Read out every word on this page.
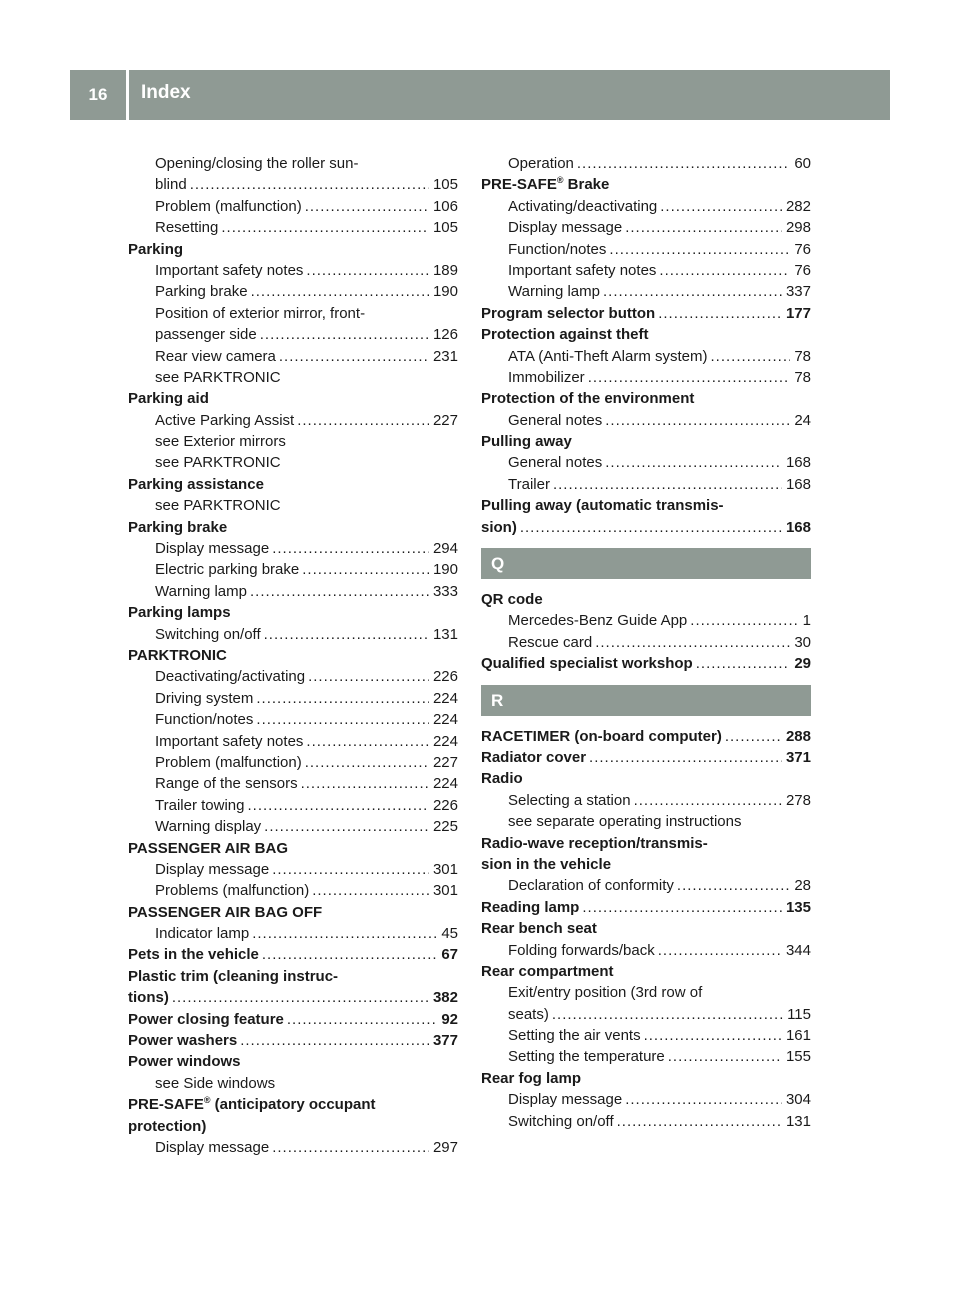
16	Index
Opening/closing the roller sun-
blind .....	105
Problem (malfunction) .....	106
Resetting .....	105
Parking
Important safety notes .....	189
Parking brake .....	190
Position of exterior mirror, front-
passenger side .....	126
Rear view camera .....	231
see PARKTRONIC
Parking aid
Active Parking Assist .....	227
see Exterior mirrors
see PARKTRONIC
Parking assistance
see PARKTRONIC
Parking brake
Display message .....	294
Electric parking brake .....	190
Warning lamp .....	333
Parking lamps
Switching on/off .....	131
PARKTRONIC
Deactivating/activating .....	226
Driving system .....	224
Function/notes .....	224
Important safety notes .....	224
Problem (malfunction) .....	227
Range of the sensors .....	224
Trailer towing .....	226
Warning display .....	225
PASSENGER AIR BAG
Display message .....	301
Problems (malfunction) .....	301
PASSENGER AIR BAG OFF
Indicator lamp .....	45
Pets in the vehicle .....	67
Plastic trim (cleaning instruc-
tions) .....	382
Power closing feature .....	92
Power washers .....	377
Power windows
see Side windows
PRE-SAFE® (anticipatory occupant
protection)
Display message .....	297
Operation .....	60
PRE-SAFE® Brake
Activating/deactivating .....	282
Display message .....	298
Function/notes .....	76
Important safety notes .....	76
Warning lamp .....	337
Program selector button .....	177
Protection against theft
ATA (Anti-Theft Alarm system) .....	78
Immobilizer .....	78
Protection of the environment
General notes .....	24
Pulling away
General notes .....	168
Trailer .....	168
Pulling away (automatic transmis-
sion) .....	168
Q
QR code
Mercedes-Benz Guide App .....	1
Rescue card .....	30
Qualified specialist workshop .....	29
R
RACETIMER (on-board computer) .....	288
Radiator cover .....	371
Radio
Selecting a station .....	278
see separate operating instructions
Radio-wave reception/transmis-
sion in the vehicle
Declaration of conformity .....	28
Reading lamp .....	135
Rear bench seat
Folding forwards/back .....	344
Rear compartment
Exit/entry position (3rd row of
seats) .....	115
Setting the air vents .....	161
Setting the temperature .....	155
Rear fog lamp
Display message .....	304
Switching on/off .....	131
